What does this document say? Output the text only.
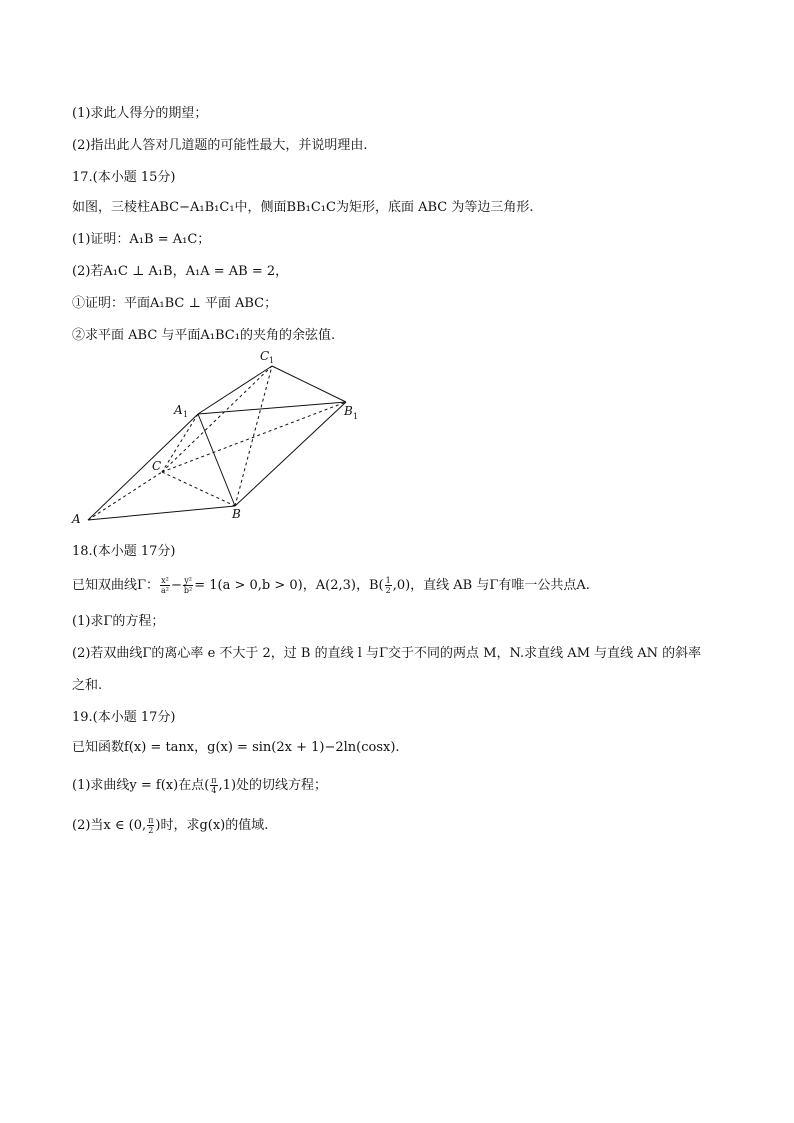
(1)求此人得分的期望；
(2)指出此人答对几道题的可能性最大，并说明理由.
17.(本小题 15分)
如图，三棱柱ABC−A₁B₁C₁中，侧面BB₁C₁C为矩形，底面 ABC 为等边三角形.
(1)证明：A₁B = A₁C；
(2)若A₁C ⊥ A₁B，A₁A = AB = 2，
①证明：平面A₁BC ⊥ 平面 ABC；
②求平面 ABC 与平面A₁BC₁的夹角的余弦值.
A	B
C
A 1	B 1
C 1
18.(本小题 17分)
已知双曲线Γ： $\frac{\text{x²}}{\text{a²}} - \frac{\text{y²}}{\text{b²}} = 1(a > 0,b > 0)$，A(2,3)，$B( \frac{1}{2} ,0)$，直线 AB 与Γ有唯一公共点A.
(1)求Γ的方程；
(2)若双曲线Γ的离心率 e 不大于 2，过 B 的直线 l 与Γ交于不同的两点 M，N.求直线 AM 与直线 AN 的斜率
之和.
19.(本小题 17分)
已知函数f(x) = tanx，g(x) = sin(2x + 1)−2ln(cosx).
(1)求曲线y = f(x)在点( $\frac{\pi}{4} ,1$)处的切线方程；
(2)当x ∈ (0, $\frac{\pi}{2}$ )时，求g(x)的值域.
